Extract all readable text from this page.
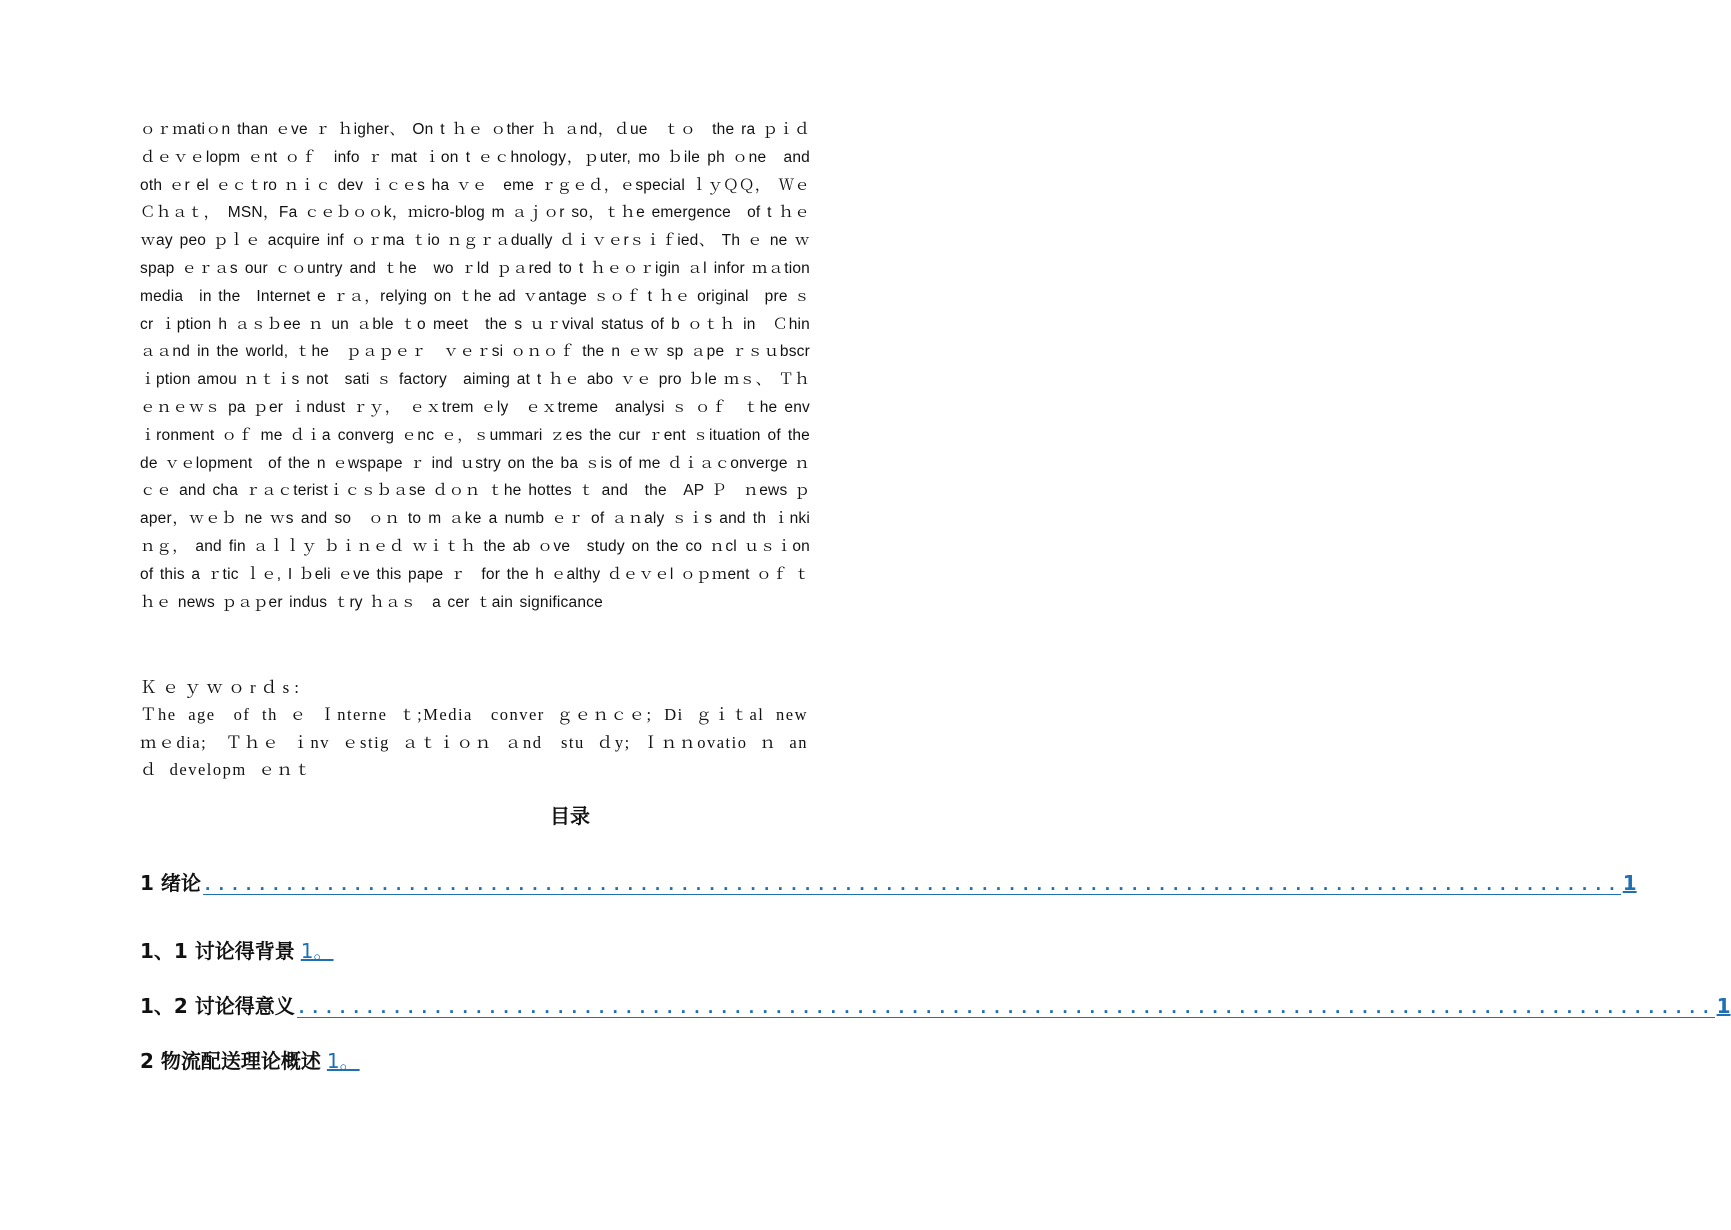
ｏｒｍatiｏn than ｅve ｒ ｈigher、 On t ｈｅ ｏther ｈ ａnd，ｄue　ｔｏ　the ra ｐｉｄ ｄｅｖｅlopm ｅnt ｏｆ　info ｒ mat ｉon t ｅｃhnology，ｐuter, mo ｂile ph ｏne　and oth ｅr el ｅｃｔro ｎｉｃ dev ｉｃｅs ha ｖｅ　eme ｒｇｅｄ，ｅspecial ｌｙＱＱ，　ＷｅＣｈａｔ，　MSN，Fa ｃｅｂｏｏk，ｍicro-blog m ａｊｏr so，ｔｈe emergence　of t ｈｅｗay peo ｐｌｅ acquire inf ｏｒma ｔio ｎｇｒａdually ｄｉｖｅrｓｉｆied、 Th ｅ ne ｗ spap ｅｒａs our ｃｏuntry and ｔhe　wo ｒld ｐａred to t ｈｅｏｒigin ａl infor ｍａtion media　in the　Internet e ｒａ，relying on ｔhe ad ｖantage ｓｏｆ t ｈｅ original　pre ｓcr ｉption h ａｓｂee ｎ un ａble ｔo meet　the s ｕｒvival status of b ｏｔｈ in　Ｃhin ａａnd in the world, ｔhe　ｐａｐｅｒ　ｖｅｒsi ｏｎｏｆ the n ｅｗ sp ａpe ｒｓｕbscr ｉption amou ｎｔｉs not　sati ｓ factory　aiming at t ｈｅ abo ｖｅ pro ｂle ｍｓ、 Ｔｈｅｎｅｗｓ pa ｐer ｉndust ｒｙ，　ｅｘtrem ｅly　ｅｘtreme　analysi ｓ ｏｆ　ｔhe env ｉronment ｏｆ me ｄｉa converg ｅnc ｅ，ｓummari ｚes the cur ｒent ｓituation of the de ｖｅlopment　of the n ｅwspape ｒ ind ｕstry on the ba ｓis of me ｄｉａｃonverge ｎｃｅ and cha ｒａｃteristｉｃｓｂａse ｄｏｎ ｔhe hottes ｔ and　the　AP Ｐ　ｎews ｐaper，ｗｅｂ ne ｗs and so　ｏｎ to m ａke a numb ｅｒ of ａｎaly ｓｉs and th ｉnki ｎｇ， and fin ａｌｌｙ ｂｉｎｅｄ ｗｉｔｈ the ab ｏve　study on the co ｎcl ｕｓｉon of this a ｒtic ｌｅ, I ｂeli ｅve this pape ｒ　for the h ｅalthy ｄｅｖｅl ｏｐｍent ｏｆ ｔｈｅ news ｐａｐer indus ｔry ｈａｓ　a cer ｔain significance
Ｋｅｙｗｏrｄs:
Ｔhe age　of th ｅ Ｉnterne ｔ;Media　conver ｇｅｎｃｅ; Di ｇｉｔal new　ｍｅdia;　Ｔｈｅ ｉnv ｅstig ａｔｉｏｎ ａnd　stu ｄy; Ｉｎｎovatio ｎ an ｄ developm ｅｎｔ
目录
1 绪论 ........................................................................................................ 1
1、1 讨论得背景 1。
1、2 讨论得意义 ........................................................................................................ 1
2 物流配送理论概述 1。
